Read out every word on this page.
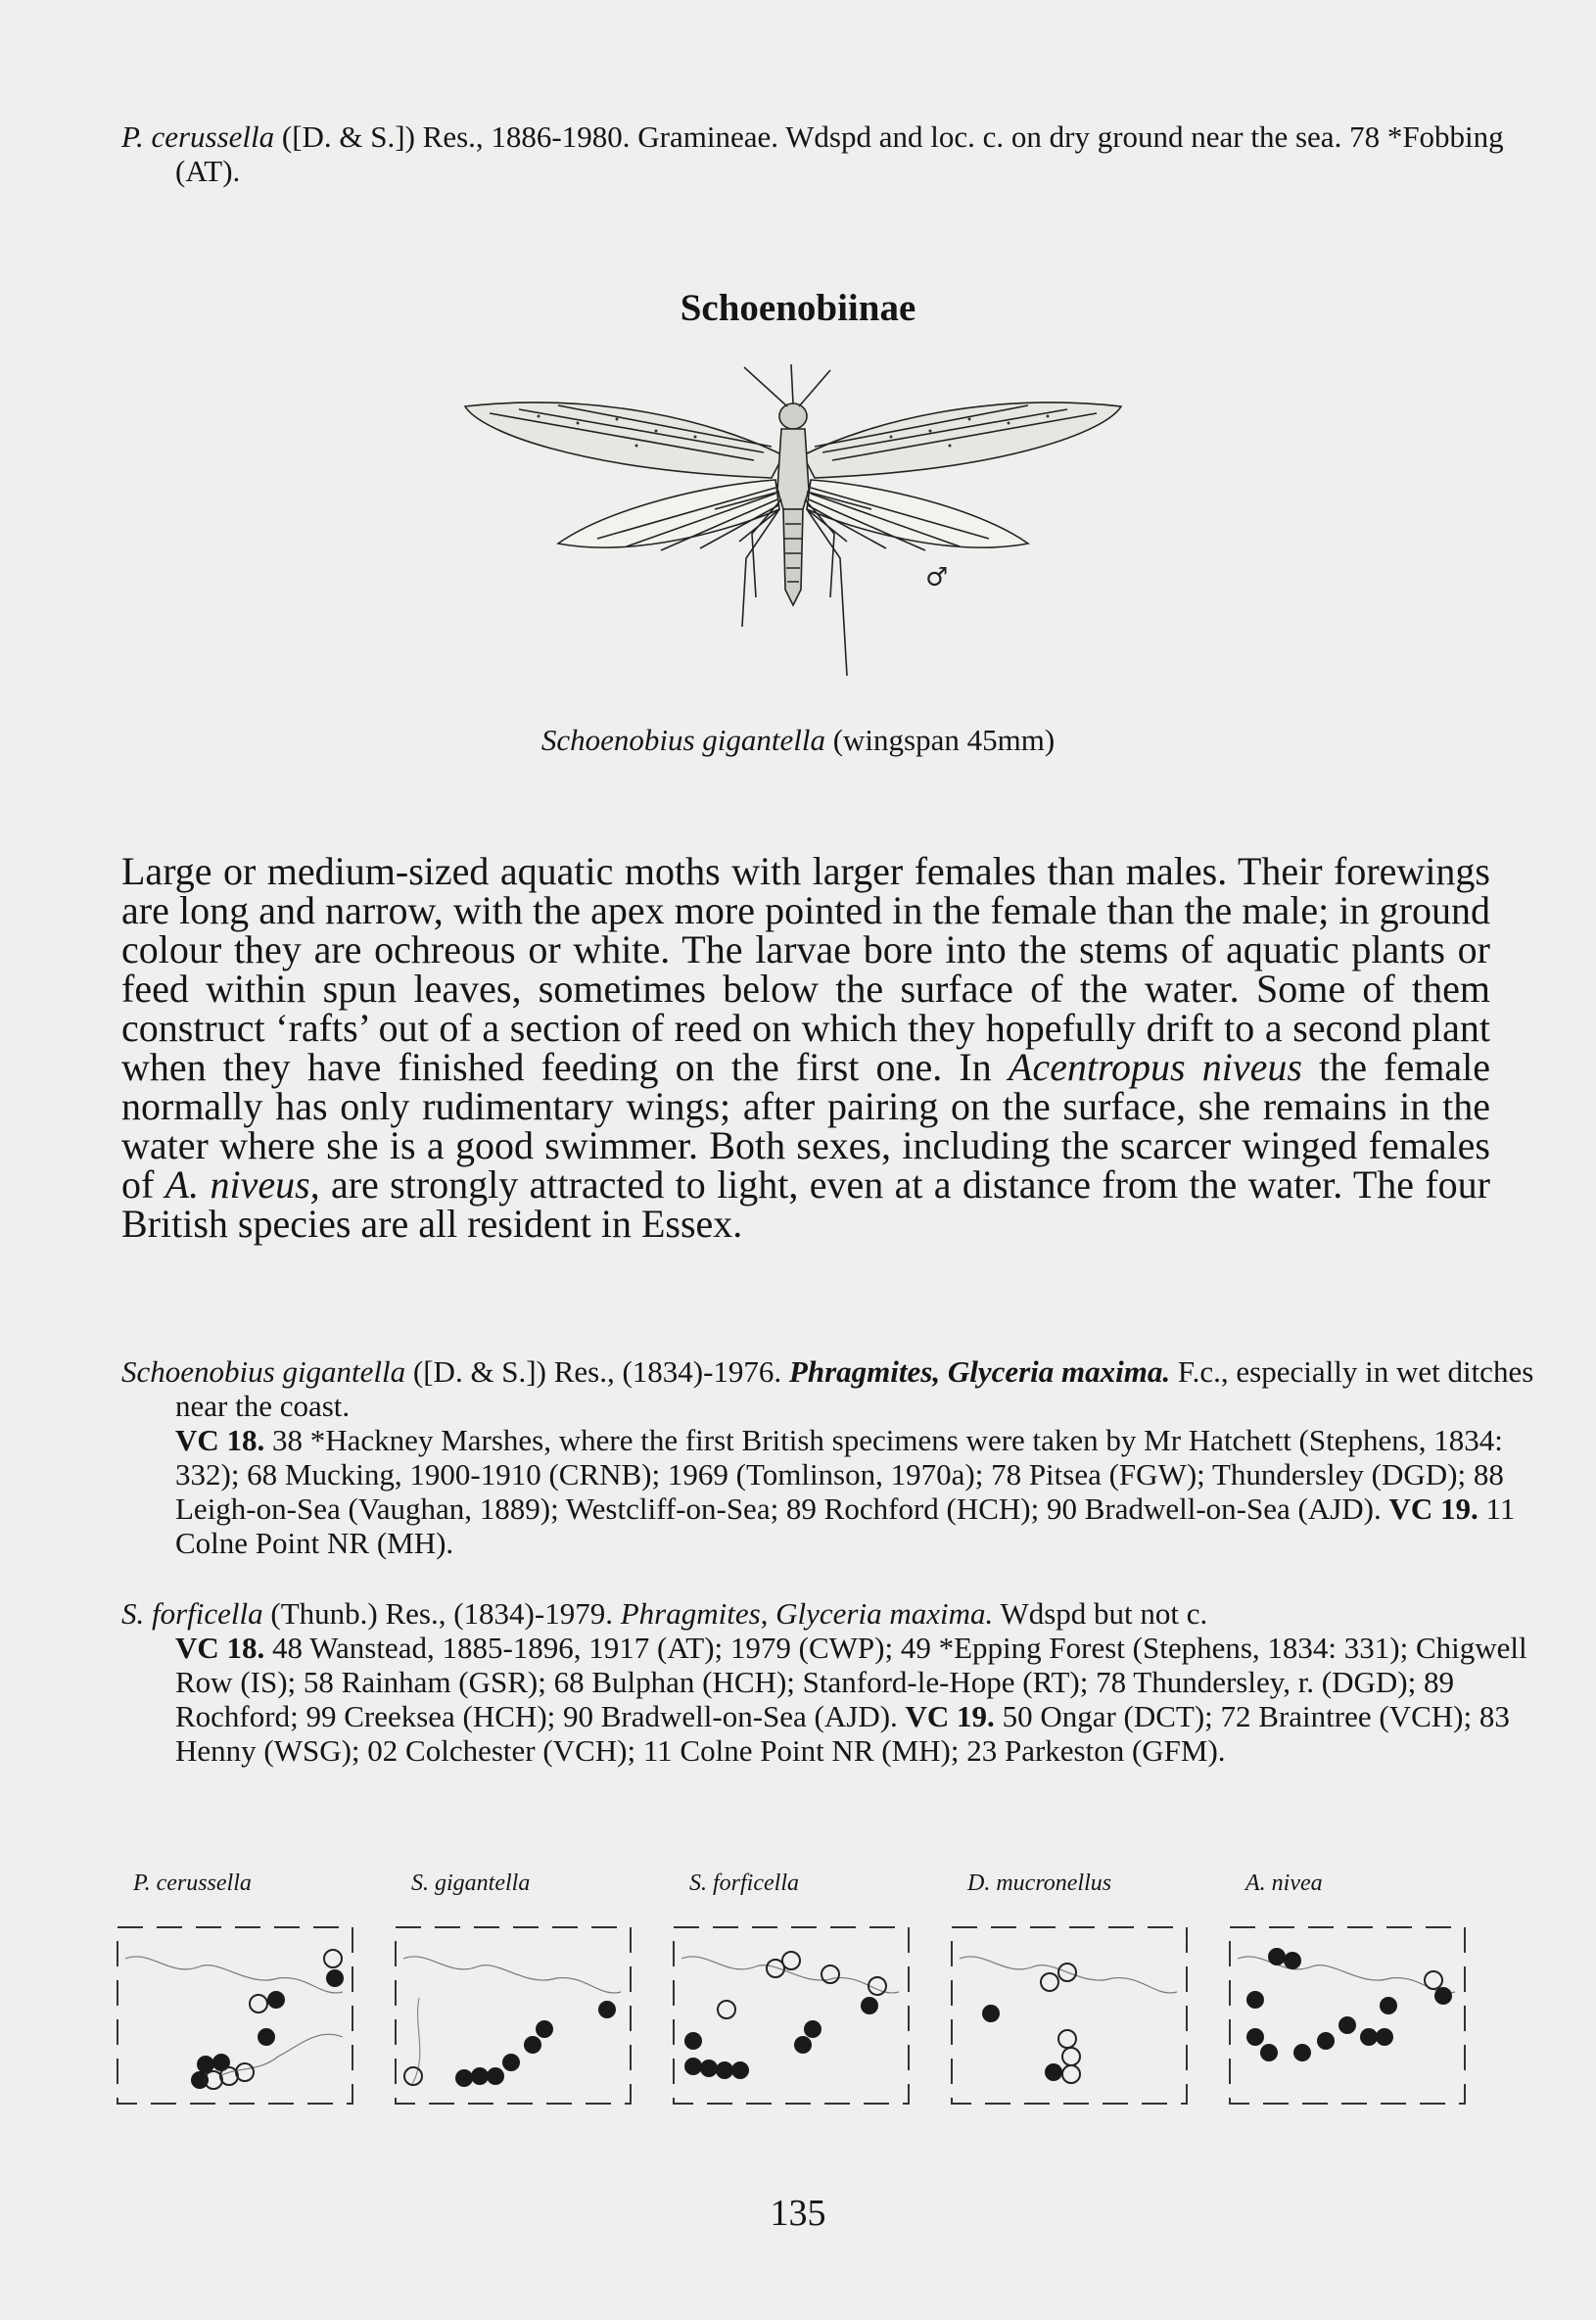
P. cerussella ([D. & S.]) Res., 1886-1980. Gramineae. Wdspd and loc. c. on dry ground near the sea. 78 *Fobbing (AT).

Schoenobiinae
♂
Schoenobius gigantella (wingspan 45mm)

Large or medium-sized aquatic moths with larger females than males. Their forewings are long and narrow, with the apex more pointed in the female than the male; in ground colour they are ochreous or white. The larvae bore into the stems of aquatic plants or feed within spun leaves, sometimes below the surface of the water. Some of them construct ‘rafts’ out of a section of reed on which they hopefully drift to a second plant when they have finished feeding on the first one. In Acentropus niveus the female normally has only rudimentary wings; after pairing on the surface, she remains in the water where she is a good swimmer. Both sexes, including the scarcer winged females of A. niveus, are strongly attracted to light, even at a distance from the water. The four British species are all resident in Essex.

Schoenobius gigantella ([D. & S.]) Res., (1834)-1976. Phragmites, Glyceria maxima. F.c., especially in wet ditches near the coast.
VC 18. 38 *Hackney Marshes, where the first British specimens were taken by Mr Hatchett (Stephens, 1834: 332); 68 Mucking, 1900-1910 (CRNB); 1969 (Tomlinson, 1970a); 78 Pitsea (FGW); Thundersley (DGD); 88 Leigh-on-Sea (Vaughan, 1889); Westcliff-on-Sea; 89 Rochford (HCH); 90 Bradwell-on-Sea (AJD). VC 19. 11 Colne Point NR (MH).

S. forficella (Thunb.) Res., (1834)-1979. Phragmites, Glyceria maxima. Wdspd but not c.
VC 18. 48 Wanstead, 1885-1896, 1917 (AT); 1979 (CWP); 49 *Epping Forest (Stephens, 1834: 331); Chigwell Row (IS); 58 Rainham (GSR); 68 Bulphan (HCH); Stanford-le-Hope (RT); 78 Thundersley, r. (DGD); 89 Rochford; 99 Creeksea (HCH); 90 Bradwell-on-Sea (AJD). VC 19. 50 Ongar (DCT); 72 Braintree (VCH); 83 Henny (WSG); 02 Colchester (VCH); 11 Colne Point NR (MH); 23 Parkeston (GFM).

P. cerussella	S. gigantella	S. forficella	D. mucronellus	A. nivea
135
